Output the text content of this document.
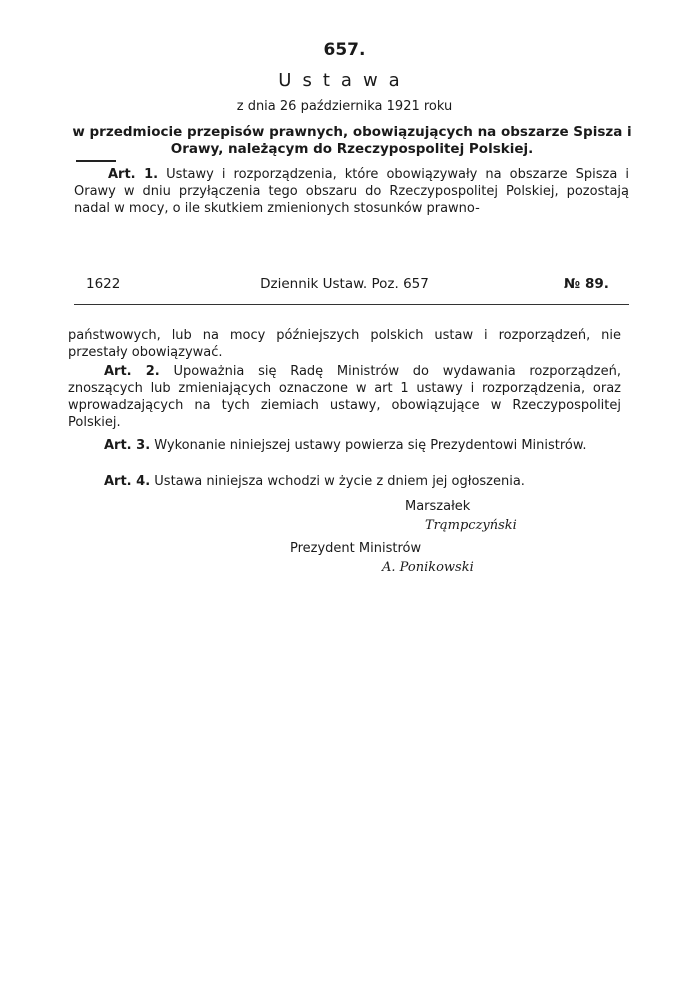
657.
Ustawa
z dnia 26 października 1921 roku
w przedmiocie przepisów prawnych, obowiązujących na obszarze Spisza i Orawy, należącym do Rzeczypospolitej Polskiej.
Art. 1. Ustawy i rozporządzenia, które obowiązywały na obszarze Spisza i Orawy w dniu przyłączenia tego obszaru do Rzeczypospolitej Polskiej, pozostają nadal w mocy, o ile skutkiem zmienionych stosunków prawno-
1622	Dziennik Ustaw. Poz. 657	№ 89.
państwowych, lub na mocy późniejszych polskich ustaw i rozporządzeń, nie przestały obowiązywać.
Art. 2. Upoważnia się Radę Ministrów do wydawania rozporządzeń, znoszących lub zmieniających oznaczone w art 1 ustawy i rozporządzenia, oraz wprowadzających na tych ziemiach ustawy, obowiązujące w Rzeczypospolitej Polskiej.
Art. 3. Wykonanie niniejszej ustawy powierza się Prezydentowi Ministrów.
Art. 4. Ustawa niniejsza wchodzi w życie z dniem jej ogłoszenia.
Marszałek
Trąmpczyński
Prezydent Ministrów
A. Ponikowski
